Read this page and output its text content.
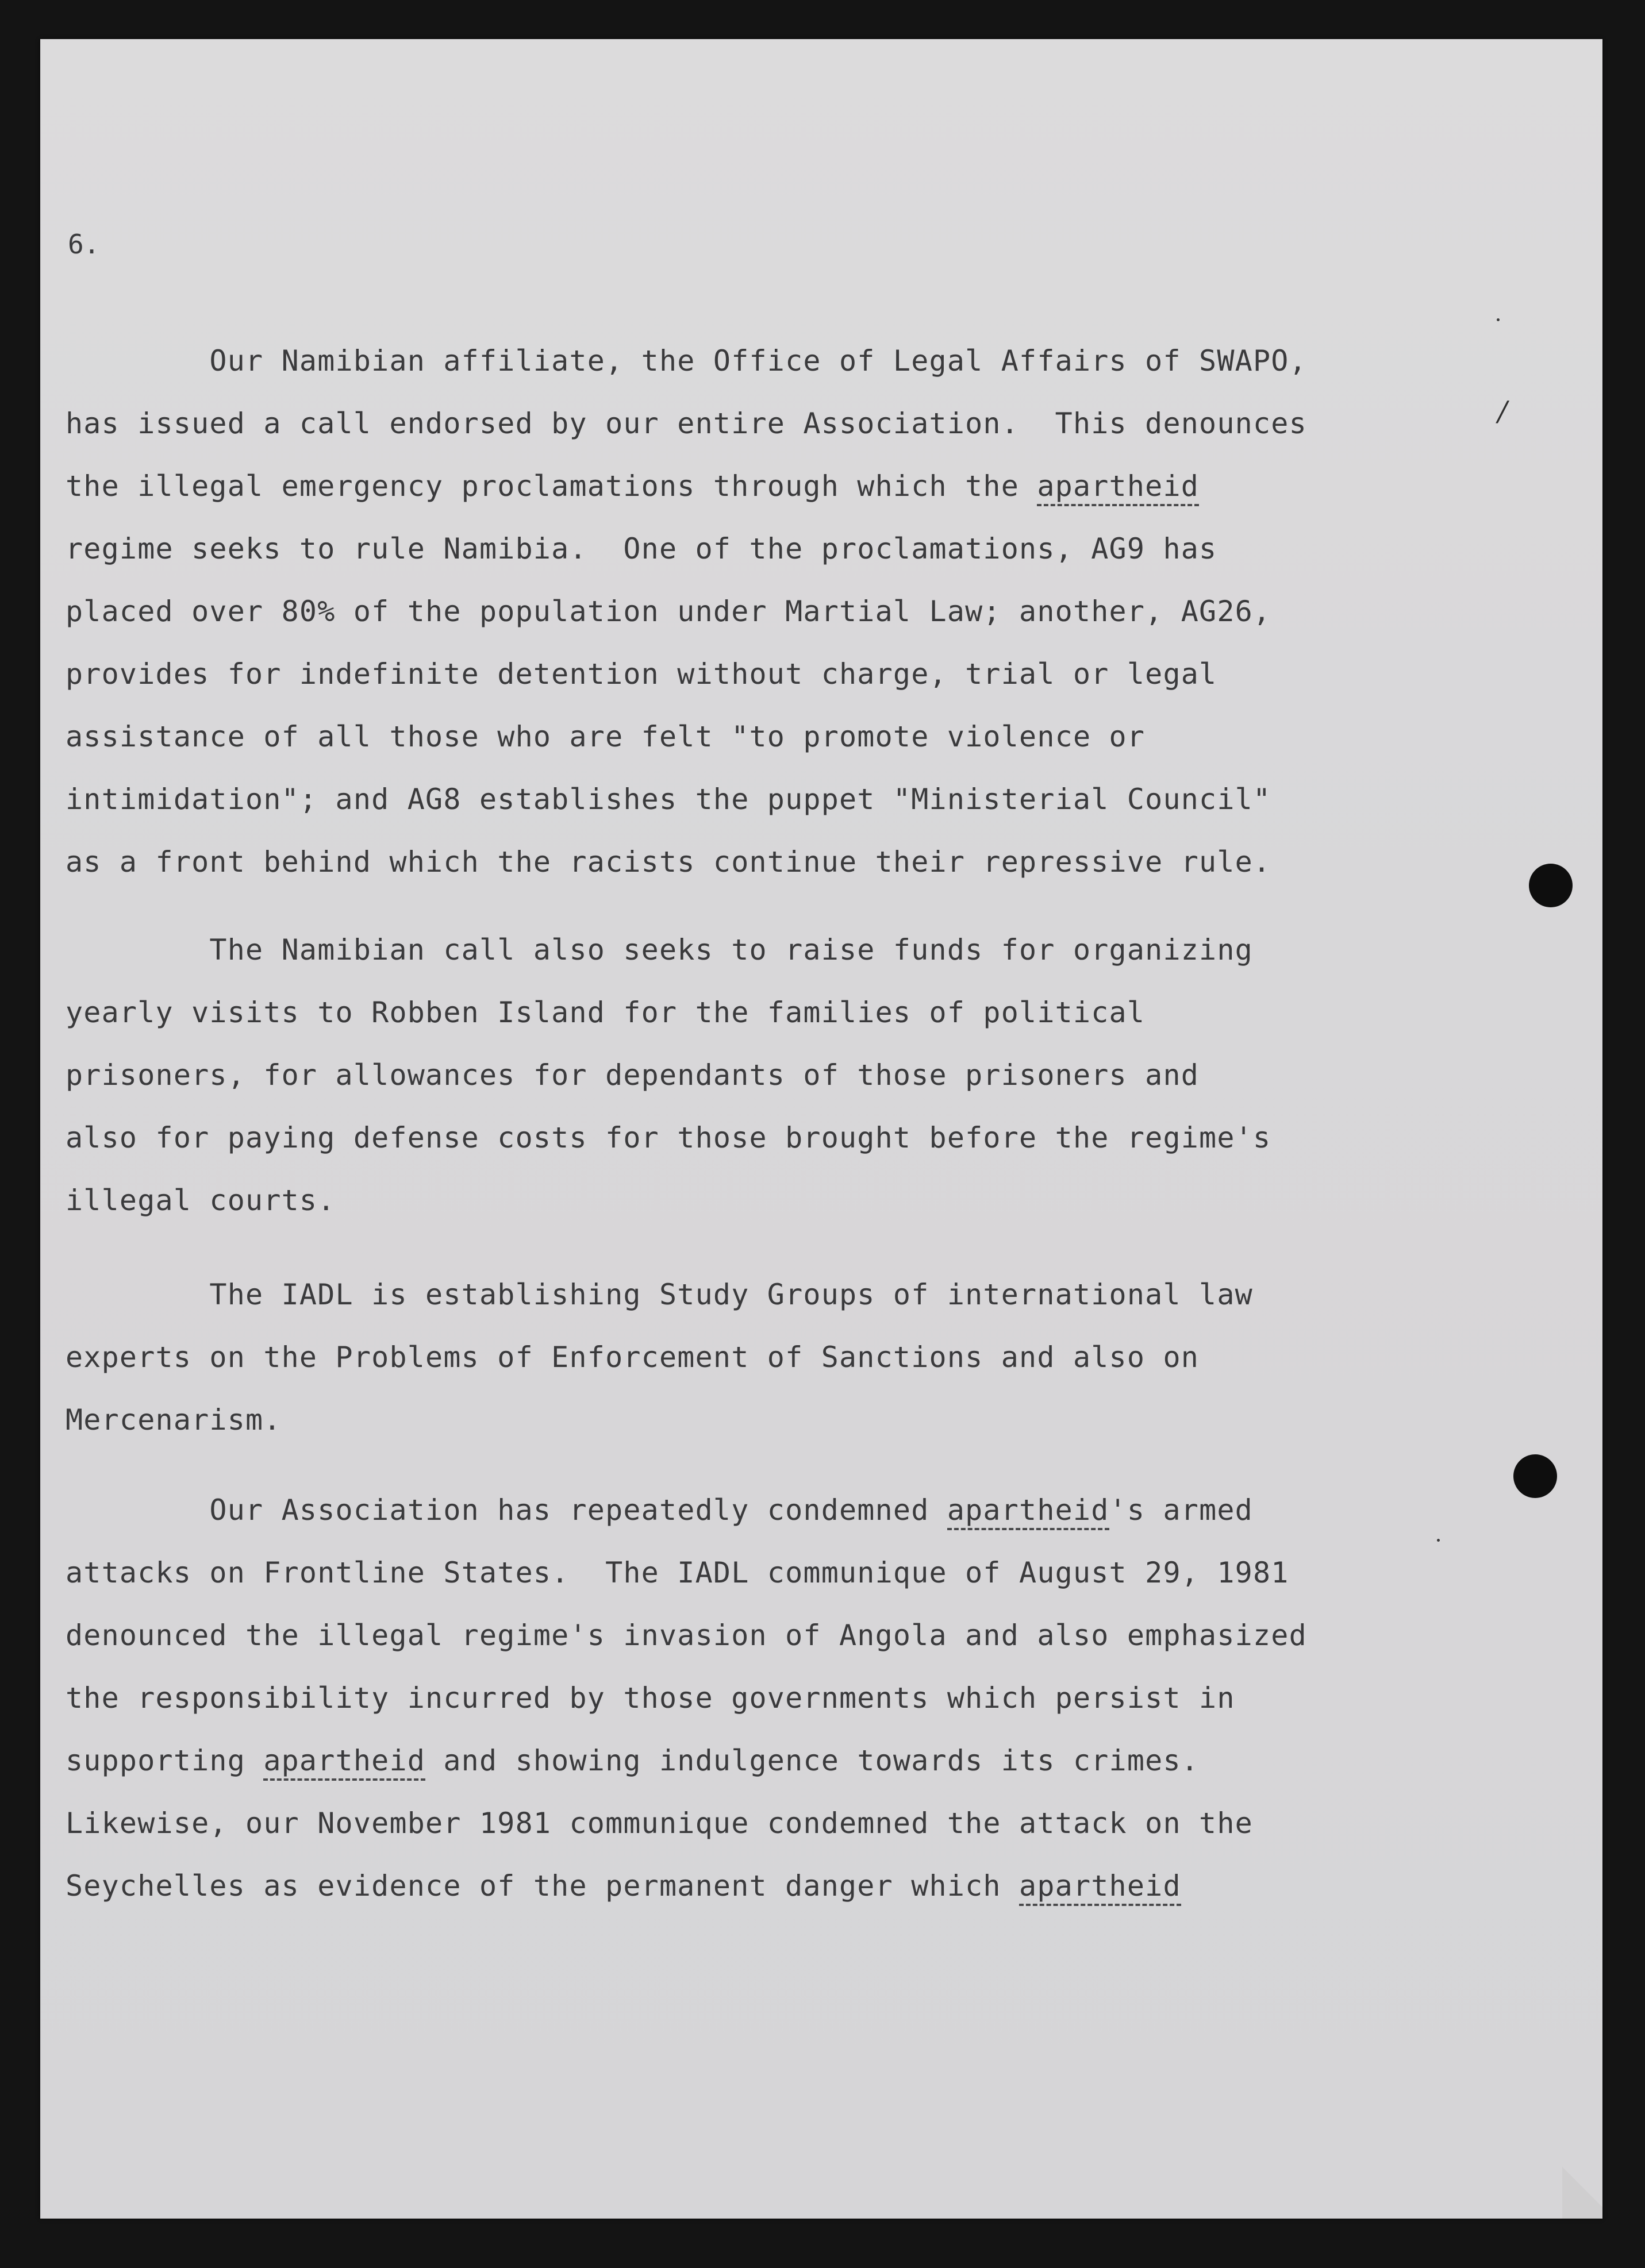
6.
/
Our Namibian affiliate, the Office of Legal Affairs of SWAPO,
has issued a call endorsed by our entire Association.  This denounces
the illegal emergency proclamations through which the apartheid
regime seeks to rule Namibia.  One of the proclamations, AG9 has
placed over 80% of the population under Martial Law; another, AG26,
provides for indefinite detention without charge, trial or legal
assistance of all those who are felt "to promote violence or
intimidation"; and AG8 establishes the puppet "Ministerial Council"
as a front behind which the racists continue their repressive rule.
The Namibian call also seeks to raise funds for organizing
yearly visits to Robben Island for the families of political
prisoners, for allowances for dependants of those prisoners and
also for paying defense costs for those brought before the regime's
illegal courts.
The IADL is establishing Study Groups of international law
experts on the Problems of Enforcement of Sanctions and also on
Mercenarism.
Our Association has repeatedly condemned apartheid's armed
attacks on Frontline States.  The IADL communique of August 29, 1981
denounced the illegal regime's invasion of Angola and also emphasized
the responsibility incurred by those governments which persist in
supporting apartheid and showing indulgence towards its crimes.
Likewise, our November 1981 communique condemned the attack on the
Seychelles as evidence of the permanent danger which apartheid
